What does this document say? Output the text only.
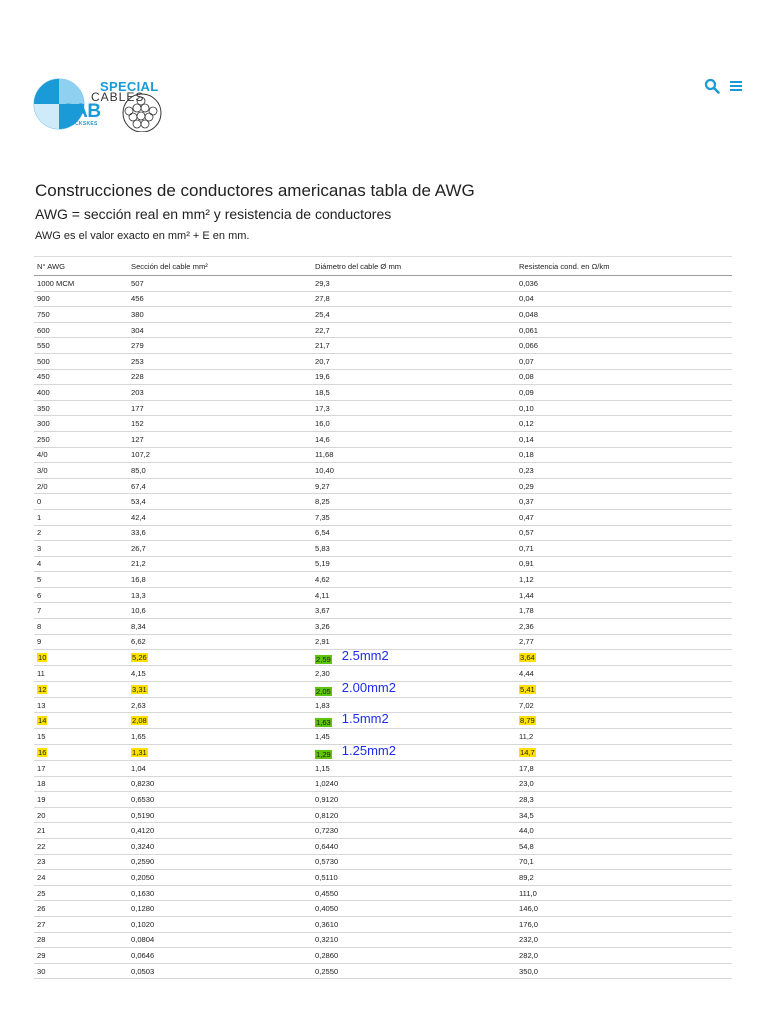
SPECIAL
CABLES
SAB
BRÖCKSKES
Construcciones de conductores americanas tabla de AWG
AWG = sección real en mm² y resistencia de conductores

AWG es el valor exacto en mm² + E en mm.

N° AWG	Sección del cable mm²	Diámetro del cable Ø mm	Resistencia cond. en Ω/km
1000 MCM	507	29,3	0,036
900	456	27,8	0,04
750	380	25,4	0,048
600	304	22,7	0,061
550	279	21,7	0,066
500	253	20,7	0,07
450	228	19,6	0,08
400	203	18,5	0,09
350	177	17,3	0,10
300	152	16,0	0,12
250	127	14,6	0,14
4/0	107,2	11,68	0,18
3/0	85,0	10,40	0,23
2/0	67,4	9,27	0,29
0	53,4	8,25	0,37
1	42,4	7,35	0,47
2	33,6	6,54	0,57
3	26,7	5,83	0,71
4	21,2	5,19	0,91
5	16,8	4,62	1,12
6	13,3	4,11	1,44
7	10,6	3,67	1,78
8	8,34	3,26	2,36
9	6,62	2,91	2,77
10	5,26	2,59 2.5mm2	3,64
11	4,15	2,30	4,44
12	3,31	2,05 2.00mm2	5,41
13	2,63	1,83	7,02
14	2,08	1,63 1.5mm2	8,79
15	1,65	1,45	11,2
16	1,31	1,29 1.25mm2	14,7
17	1,04	1,15	17,8
18	0,8230	1,0240	23,0
19	0,6530	0,9120	28,3
20	0,5190	0,8120	34,5
21	0,4120	0,7230	44,0
22	0,3240	0,6440	54,8
23	0,2590	0,5730	70,1
24	0,2050	0,5110	89,2
25	0,1630	0,4550	111,0
26	0,1280	0,4050	146,0
27	0,1020	0,3610	176,0
28	0,0804	0,3210	232,0
29	0,0646	0,2860	282,0
30	0,0503	0,2550	350,0
